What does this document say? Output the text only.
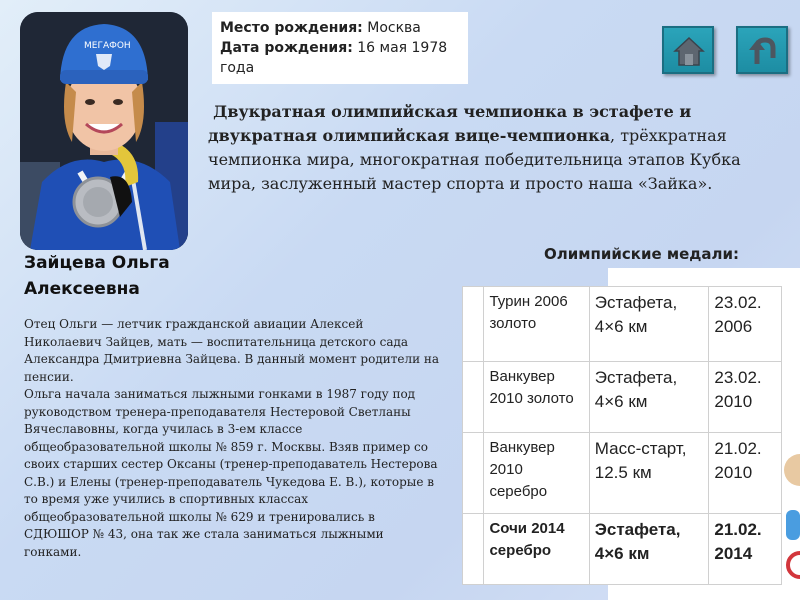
МЕГАФОН
Место рождения: Москва
Дата рождения: 16 мая 1978 года
Двукратная олимпийская чемпионка в эстафете и двукратная олимпийская вице-чемпионка, трёхкратная чемпионка мира, многократная победительница этапов Кубка мира, заслуженный мастер спорта и просто наша «Зайка».
Олимпийские медали:
Зайцева Ольга
Алексеевна
Отец Ольги — летчик гражданской авиации Алексей Николаевич Зайцев, мать — воспитательница детского сада Александра Дмитриевна Зайцева. В данный момент родители на пенсии.
Ольга начала заниматься лыжными гонками в 1987 году под руководством тренера-преподавателя Нестеровой Светланы Вячеславовны, когда училась в 3-ем классе общеобразовательной школы № 859 г. Москвы. Взяв пример со своих старших сестер Оксаны (тренер-преподаватель Нестерова С.В.) и Елены (тренер-преподаватель Чукедова Е. В.), которые в то время уже учились в спортивных классах общеобразовательной школы № 629 и тренировались в СДЮШОР № 43, она так же стала заниматься лыжными гонками.
	Турин 2006 золото	Эстафета, 4×6 км	23.02. 2006
	Ванкувер 2010 золото	Эстафета, 4×6 км	23.02. 2010
	Ванкувер 2010 серебро	Масс-старт, 12.5 км	21.02. 2010
	Сочи 2014 серебро	Эстафета, 4×6 км	21.02. 2014
